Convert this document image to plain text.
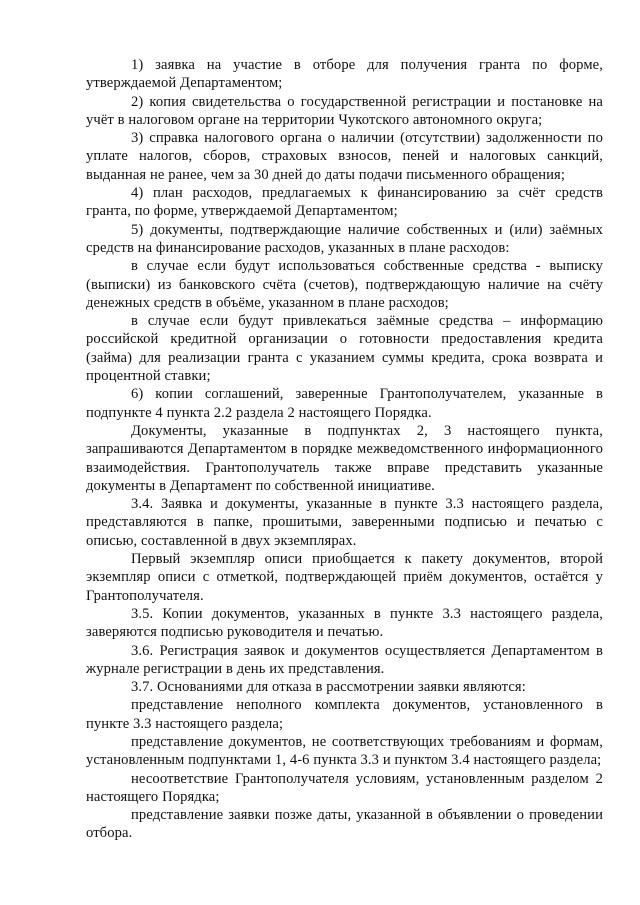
1) заявка на участие в отборе для получения гранта по форме, утверждаемой Департаментом;

2) копия свидетельства о государственной регистрации и постановке на учёт в налоговом органе на территории Чукотского автономного округа;

3) справка налогового органа о наличии (отсутствии) задолженности по уплате налогов, сборов, страховых взносов, пеней и налоговых санкций, выданная не ранее, чем за 30 дней до даты подачи письменного обращения;

4) план расходов, предлагаемых к финансированию за счёт средств гранта, по форме, утверждаемой Департаментом;

5) документы, подтверждающие наличие собственных и (или) заёмных средств на финансирование расходов, указанных в плане расходов:

в случае если будут использоваться собственные средства - выписку (выписки) из банковского счёта (счетов), подтверждающую наличие на счёту денежных средств в объёме, указанном в плане расходов;

в случае если будут привлекаться заёмные средства – информацию российской кредитной организации о готовности предоставления кредита (займа) для реализации гранта с указанием суммы кредита, срока возврата и процентной ставки;

6) копии соглашений, заверенные Грантополучателем, указанные в подпункте 4 пункта 2.2 раздела 2 настоящего Порядка.

Документы, указанные в подпунктах 2, 3 настоящего пункта, запрашиваются Департаментом в порядке межведомственного информационного взаимодействия. Грантополучатель также вправе представить указанные документы в Департамент по собственной инициативе.

3.4. Заявка и документы, указанные в пункте 3.3 настоящего раздела, представляются в папке, прошитыми, заверенными подписью и печатью с описью, составленной в двух экземплярах.

Первый экземпляр описи приобщается к пакету документов, второй экземпляр описи с отметкой, подтверждающей приём документов, остаётся у Грантополучателя.

3.5. Копии документов, указанных в пункте 3.3 настоящего раздела, заверяются подписью руководителя и печатью.

3.6. Регистрация заявок и документов осуществляется Департаментом в журнале регистрации в день их представления.

3.7. Основаниями для отказа в рассмотрении заявки являются:

представление неполного комплекта документов, установленного в пункте 3.3 настоящего раздела;

представление документов, не соответствующих требованиям и формам, установленным подпунктами 1, 4-6 пункта 3.3 и пунктом 3.4 настоящего раздела;

несоответствие Грантополучателя условиям, установленным разделом 2 настоящего Порядка;

представление заявки позже даты, указанной в объявлении о проведении отбора.
